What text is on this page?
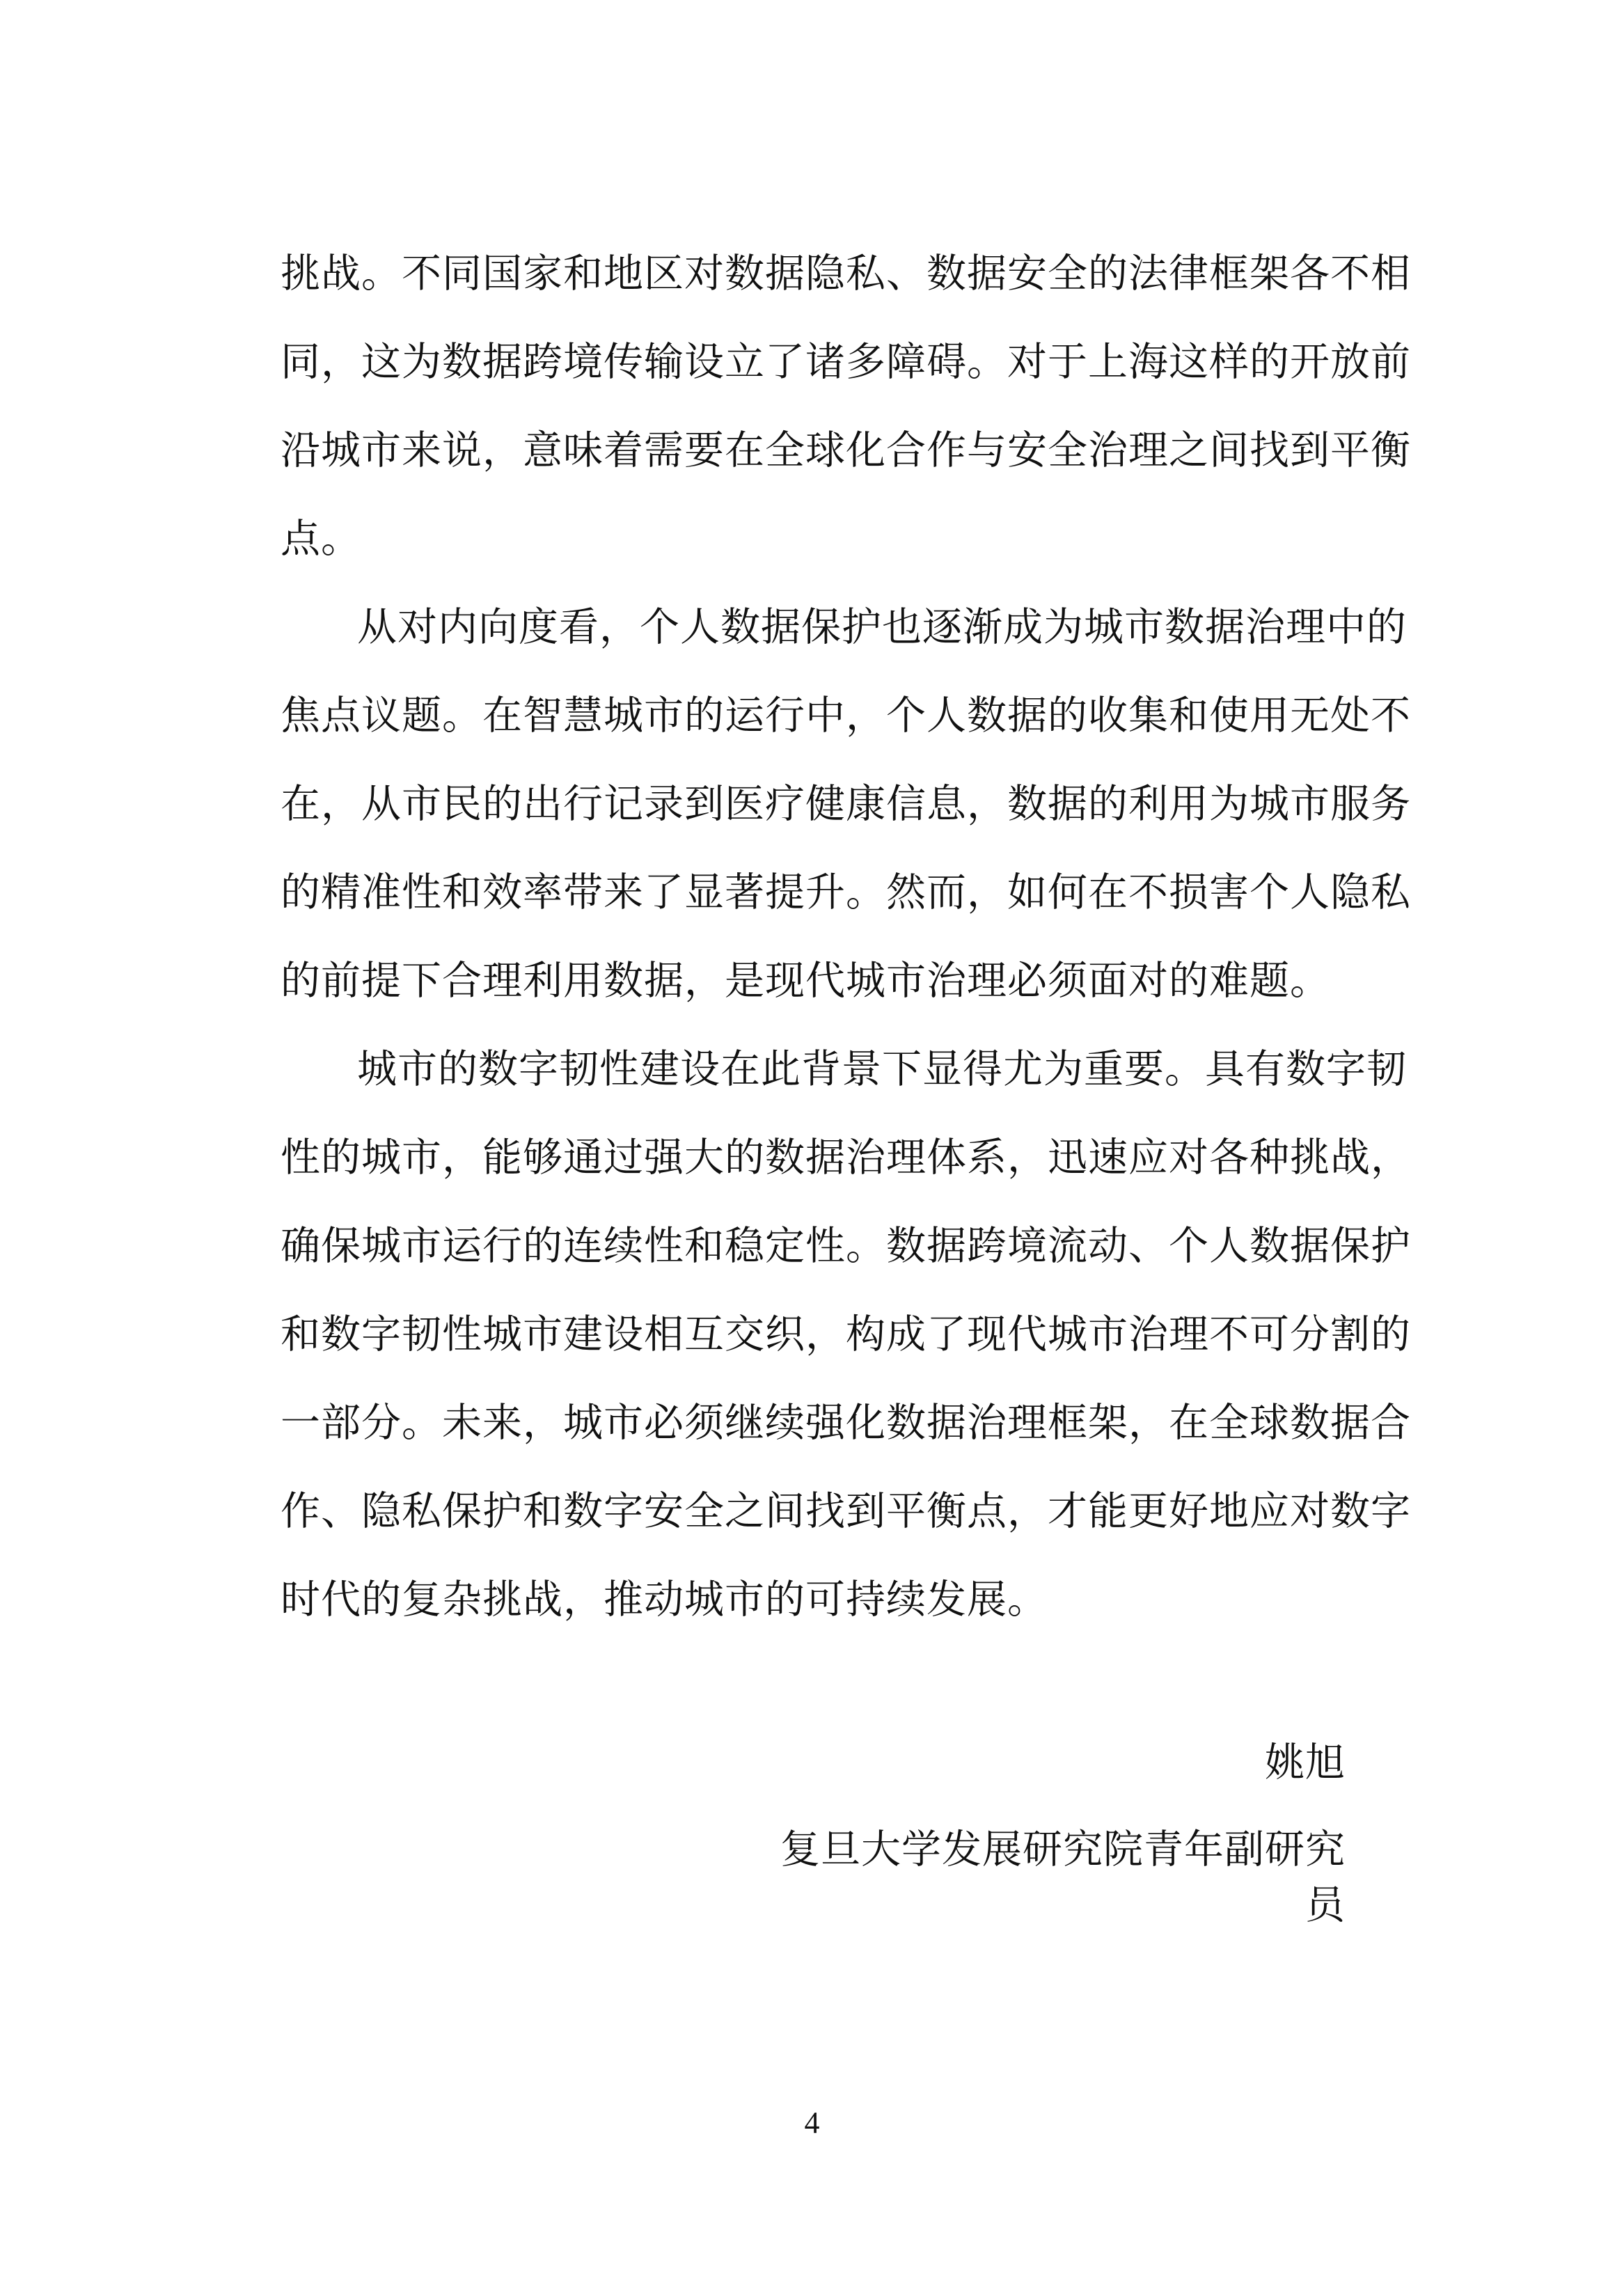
挑战。不同国家和地区对数据隐私、数据安全的法律框架各不相
同，这为数据跨境传输设立了诸多障碍。对于上海这样的开放前
沿城市来说，意味着需要在全球化合作与安全治理之间找到平衡
点。
从对内向度看，个人数据保护也逐渐成为城市数据治理中的
焦点议题。在智慧城市的运行中，个人数据的收集和使用无处不
在，从市民的出行记录到医疗健康信息，数据的利用为城市服务
的精准性和效率带来了显著提升。然而，如何在不损害个人隐私
的前提下合理利用数据，是现代城市治理必须面对的难题。
城市的数字韧性建设在此背景下显得尤为重要。具有数字韧
性的城市，能够通过强大的数据治理体系，迅速应对各种挑战，
确保城市运行的连续性和稳定性。数据跨境流动、个人数据保护
和数字韧性城市建设相互交织，构成了现代城市治理不可分割的
一部分。未来，城市必须继续强化数据治理框架，在全球数据合
作、隐私保护和数字安全之间找到平衡点，才能更好地应对数字
时代的复杂挑战，推动城市的可持续发展。
姚旭
复旦大学发展研究院青年副研究员
4
